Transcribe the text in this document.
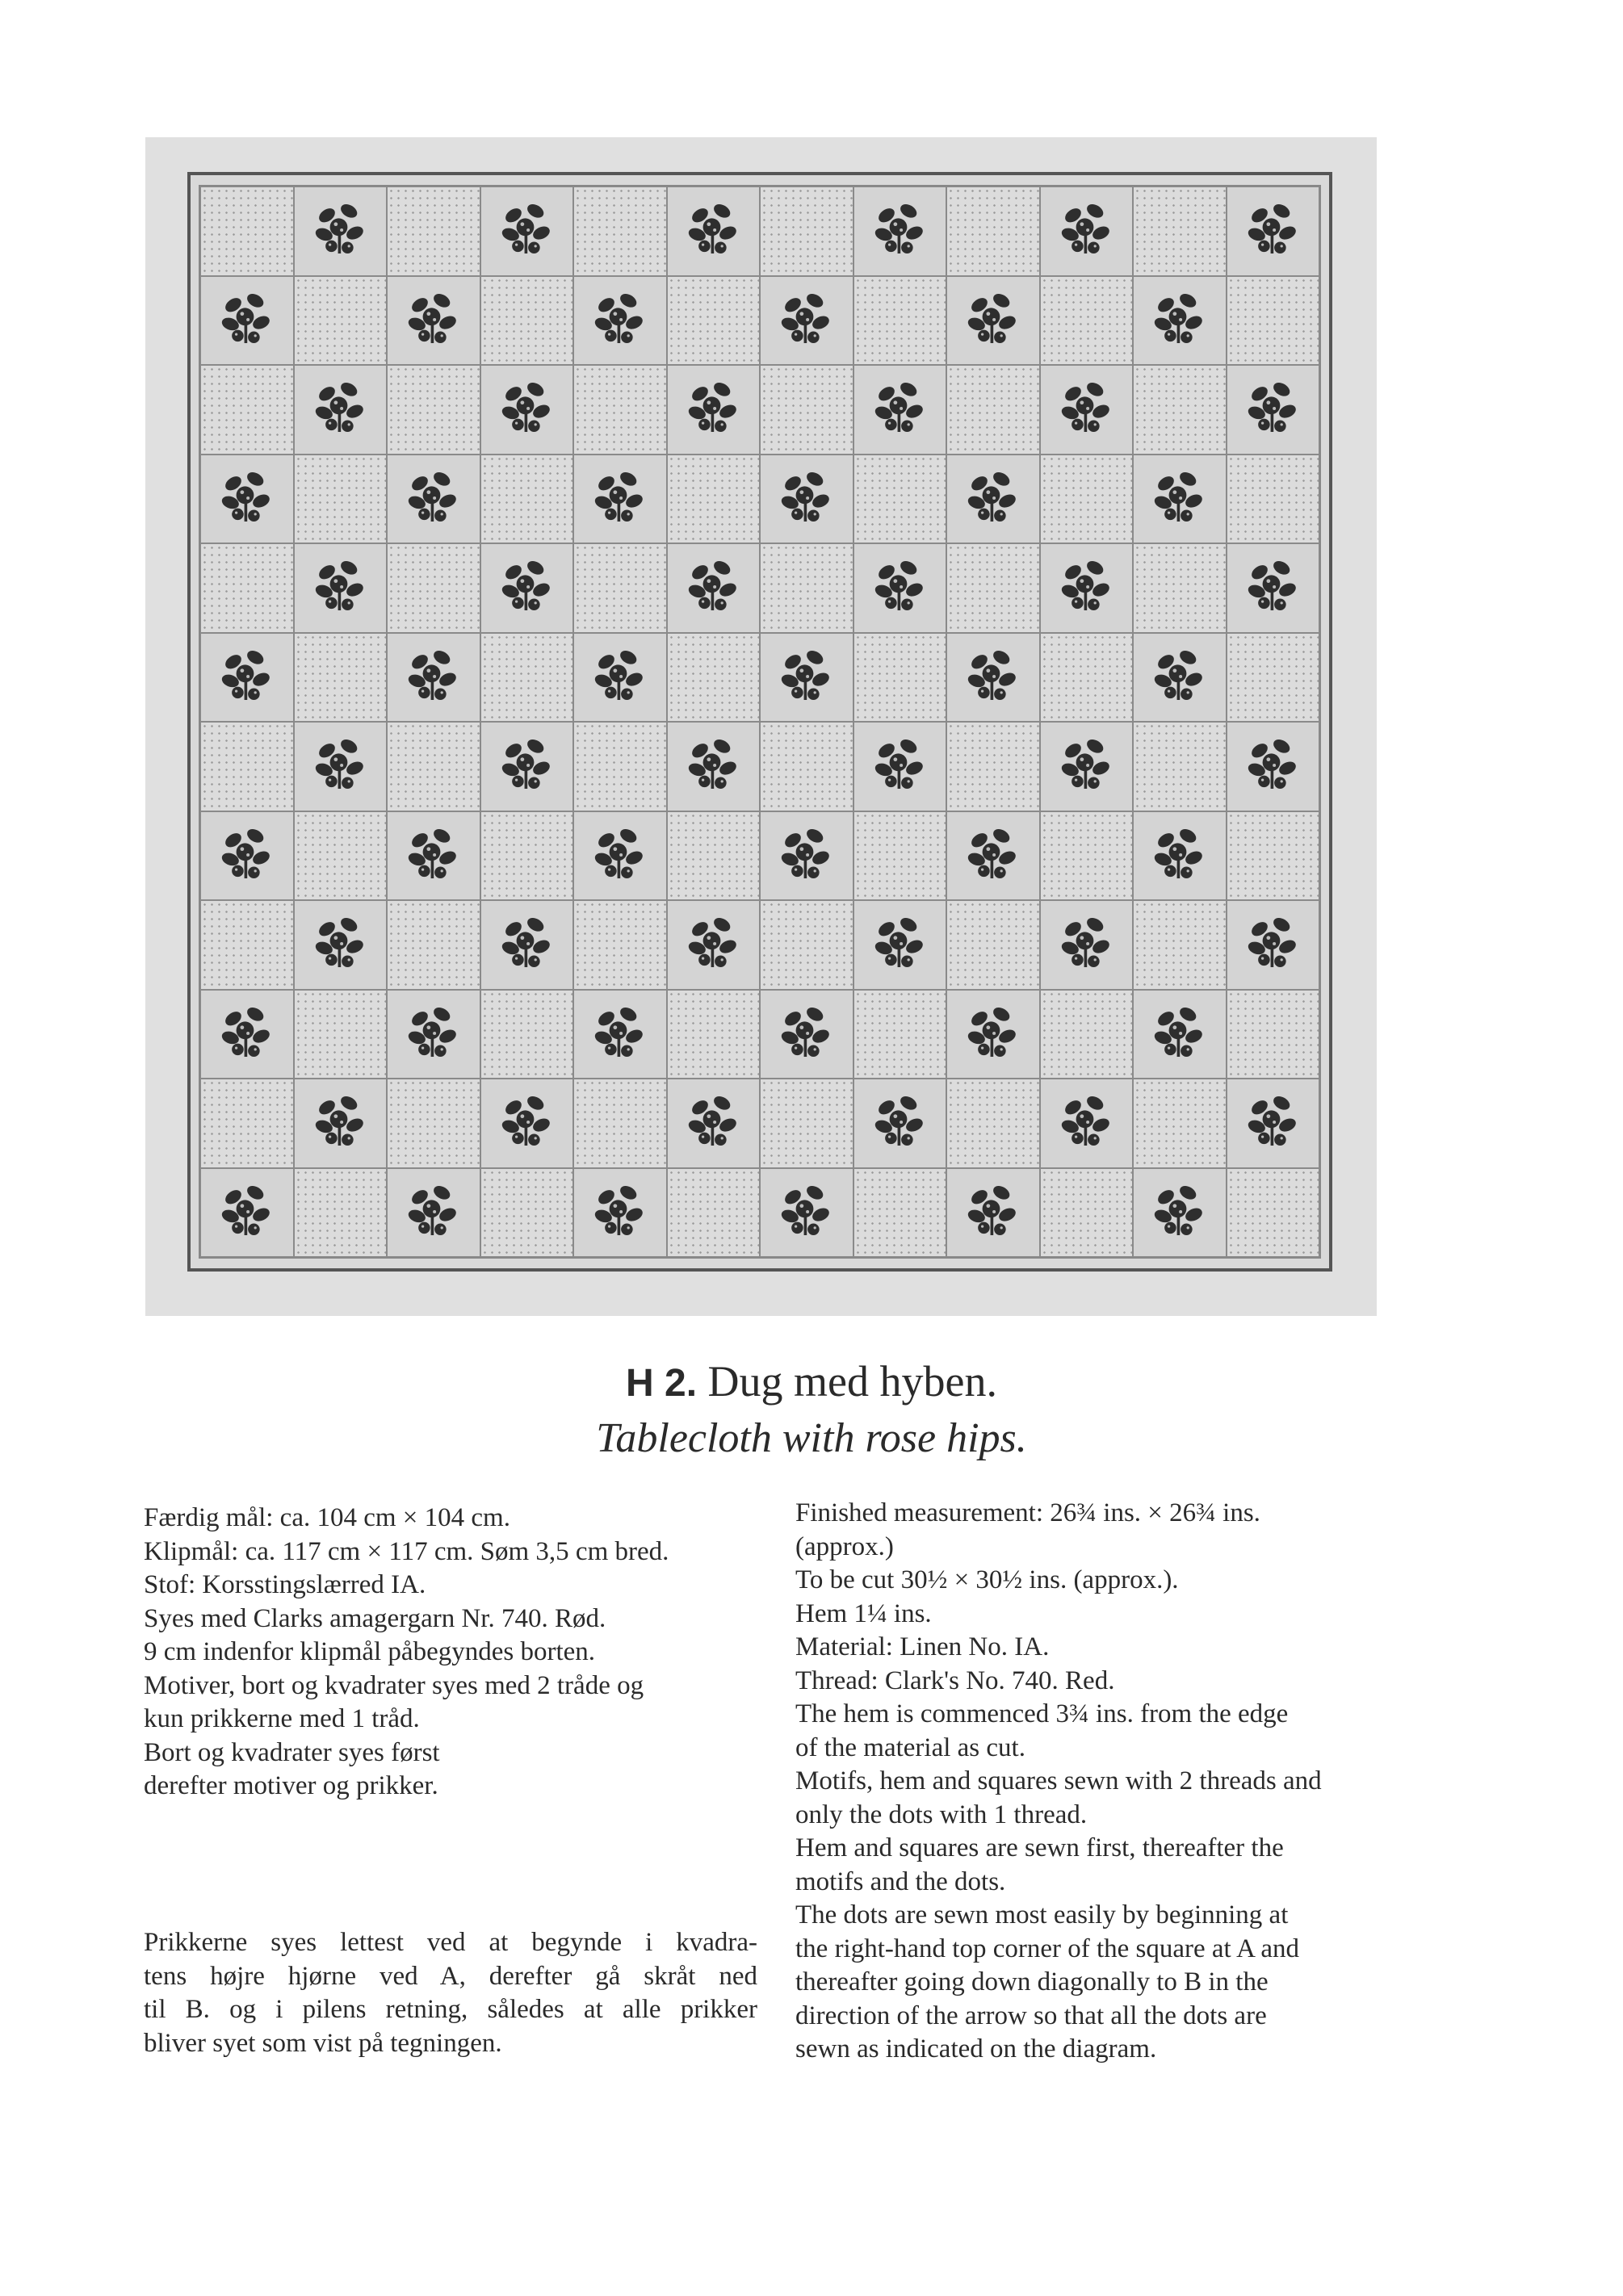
H 2. Dug med hyben.
Tablecloth with rose hips.

Færdig mål: ca. 104 cm × 104 cm.

Klipmål: ca. 117 cm × 117 cm. Søm 3,5 cm bred.

Stof: Korsstingslærred IA.

Syes med Clarks amagergarn Nr. 740. Rød.

9 cm indenfor klipmål påbegyndes borten.

Motiver, bort og kvadrater syes med 2 tråde og

kun prikkerne med 1 tråd.

Bort og kvadrater syes først

derefter motiver og prikker.

Prikkerne syes lettest ved at begynde i kvadra-

tens højre hjørne ved A, derefter gå skråt ned

til B. og i pilens retning, således at alle prikker

bliver syet som vist på tegningen.

Finished measurement: 26¾ ins. × 26¾ ins.

(approx.)

To be cut 30½ × 30½ ins. (approx.).

Hem 1¼ ins.

Material: Linen No. IA.

Thread: Clark's No. 740. Red.

The hem is commenced 3¾ ins. from the edge

of the material as cut.

Motifs, hem and squares sewn with 2 threads and

only the dots with 1 thread.

Hem and squares are sewn first, thereafter the

motifs and the dots.

The dots are sewn most easily by beginning at

the right-hand top corner of the square at A and

thereafter going down diagonally to B in the

direction of the arrow so that all the dots are

sewn as indicated on the diagram.
